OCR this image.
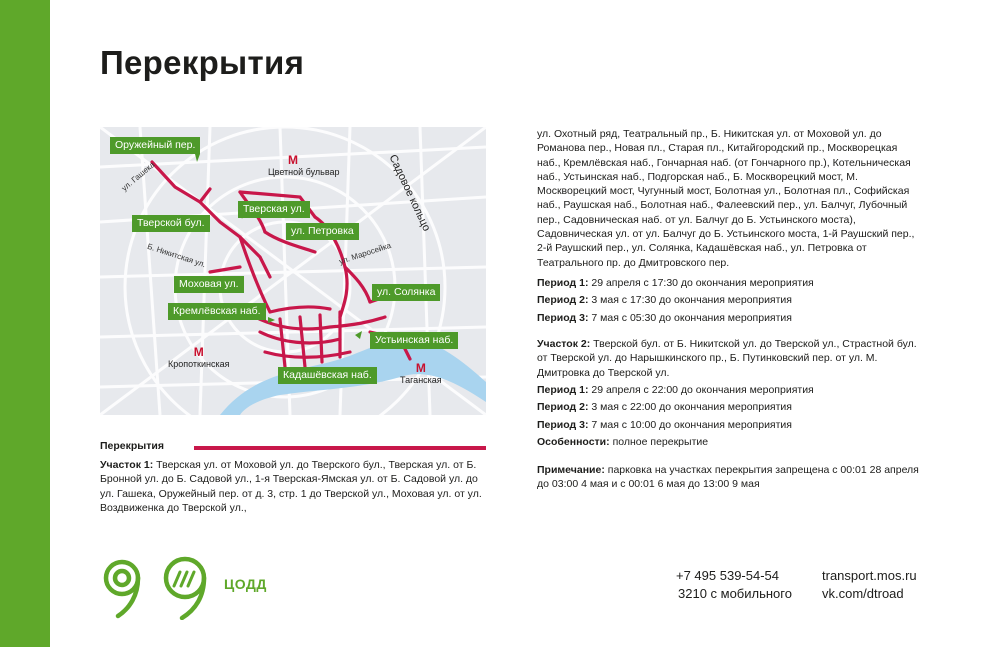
Перекрытия
Оружейный пер.
Тверской бул.
Тверская ул.
ул. Петровка
Моховая ул.
Кремлёвская наб.
ул. Солянка
Устьинская наб.
Кадашёвская наб.
ул. Гашека
Б. Никитская ул.	ул. Маросейка
Садовое кольцо
М
Цветной бульвар
М
Кропоткинская	М
Таганская
Перекрытия
Участок 1: Тверская ул. от Моховой ул. до Тверского бул., Тверская ул. от Б. Бронной ул. до Б. Садовой ул., 1-я Тверская-Ямская ул. от Б. Садовой ул. до ул. Гашека, Оружейный пер. от д. 3, стр. 1 до Тверской ул., Моховая ул. от ул. Воздвиженка до Тверской ул.,
ул. Охотный ряд, Театральный пр., Б. Никитская ул. от Моховой ул. до Романова пер., Новая пл., Старая пл., Китайгородский пр., Москворецкая наб., Кремлёвская наб., Гончарная наб. (от Гончарного пр.), Котельническая наб., Устьинская наб., Подгорская наб., Б. Москворецкий мост, М. Москворецкий мост, Чугунный мост, Болотная ул., Болотная пл., Софийская наб., Раушская наб., Болотная наб., Фалеевский пер., ул. Балчуг, Лубочный пер., Садовническая наб. от ул. Балчуг до Б. Устьинского моста), Садовническая ул. от ул. Балчуг до Б. Устьинского моста, 1-й Раушский пер., 2-й Раушский пер., ул. Солянка, Кадашёвская наб., ул. Петровка от Театрального пр. до Дмитровского пер.
Период 1: 29 апреля с 17:30 до окончания мероприятия
Период 2: 3 мая с 17:30 до окончания мероприятия
Период 3: 7 мая с 05:30 до окончания мероприятия
Участок 2: Тверской бул. от Б. Никитской ул. до Тверской ул., Страстной бул. от Тверской ул. до Нарышкинского пр., Б. Путинковский пер. от ул. М. Дмитровка до Тверской ул.
Период 1: 29 апреля с 22:00 до окончания мероприятия
Период 2: 3 мая с 22:00 до окончания мероприятия
Период 3: 7 мая с 10:00 до окончания мероприятия
Особенности: полное перекрытие
Примечание: парковка на участках перекрытия запрещена с 00:01 28 апреля до 03:00 4 мая и с 00:01 6 мая до 13:00 9 мая
ЦОДД
+7 495 539-54-54
3210 с мобильного
transport.mos.ru
vk.com/dtroad
